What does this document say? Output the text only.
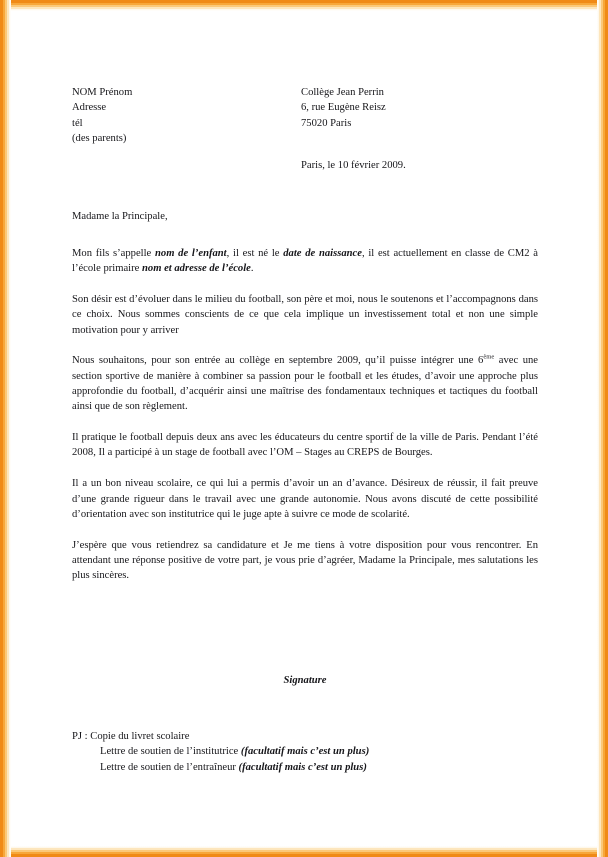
NOM Prénom
Adresse
tél
(des parents)
Collège Jean Perrin
6, rue Eugène Reisz
75020 Paris
Paris, le 10 février 2009.
Madame la Principale,

Mon fils s’appelle nom de l’enfant, il est né le date de naissance, il est actuellement en classe de CM2 à l’école primaire nom et adresse de l’école.

Son désir est d’évoluer dans le milieu du football, son père et moi, nous le soutenons et l’accompagnons dans ce choix. Nous sommes conscients de ce que cela implique un investissement total et non une simple motivation pour y arriver

Nous souhaitons, pour son entrée au collège en septembre 2009, qu’il puisse intégrer une 6ème avec une section sportive de manière à combiner sa passion pour le football et les études, d’avoir une approche plus approfondie du football, d’acquérir ainsi une maîtrise des fondamentaux techniques et tactiques du football ainsi que de son règlement.

Il pratique le football depuis deux ans avec les éducateurs du centre sportif de la ville de Paris. Pendant l’été 2008, Il a participé à un stage de football avec l’OM – Stages au CREPS de Bourges.

Il a un bon niveau scolaire, ce qui lui a permis d’avoir un an d’avance. Désireux de réussir, il fait preuve d’une grande rigueur dans le travail avec une grande autonomie. Nous avons discuté de cette possibilité d’orientation avec son institutrice qui le juge apte à suivre ce mode de scolarité.

J’espère que vous retiendrez sa candidature et Je me tiens à votre disposition pour vous rencontrer. En attendant une réponse positive de votre part, je vous prie d’agréer, Madame la Principale, mes salutations les plus sincères.

Signature
PJ : Copie du livret scolaire
Lettre de soutien de l’institutrice (facultatif mais c’est un plus)
Lettre de soutien de l’entraîneur (facultatif mais c’est un plus)
